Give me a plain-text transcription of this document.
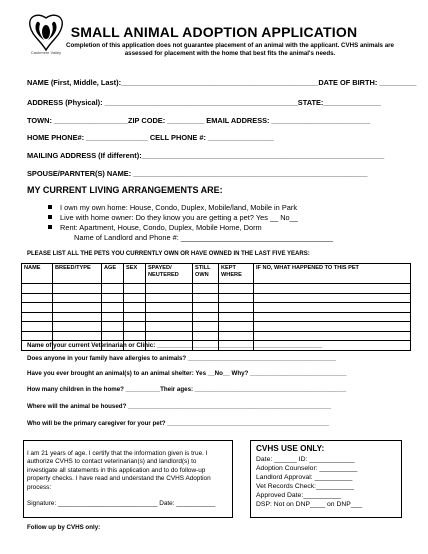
Cashmere Valley
SMALL ANIMAL ADOPTION APPLICATION
Completion of this application does not guarantee placement of an animal with the applicant. CVHS animals are assessed for placement with the home that best fits the animal's needs.
NAME (First, Middle, Last):________________________________________________DATE OF BIRTH: _________
ADDRESS (Physical): _______________________________________________STATE:______________
TOWN: __________________ZIP CODE: _________ EMAIL ADDRESS: ________________________
HOME PHONE#: _______________ CELL PHONE #: ________________
MAILING ADDRESS (If different):___________________________________________________________
SPOUSE/PARNTER(S) NAME: _________________________________________________________
MY CURRENT LIVING ARRANGEMENTS ARE:
I own my own home: House, Condo, Duplex, Mobile/land, Mobile in Park
Live with home owner: Do they know you are getting a pet? Yes __ No__
Rent: Apartment, House, Condo, Duplex, Mobile Home, Dorm
Name of Landlord and Phone #: _____________________________________
PLEASE LIST ALL THE PETS YOU CURRENTLY OWN OR HAVE OWNED IN THE LAST FIVE YEARS:
NAME	BREED/TYPE	AGE	SEX	SPAYED/ NEUTERED	STILL OWN	KEPT WHERE	IF NO, WHAT HAPPENED TO THIS PET

Name of your current Veterinarian or Clinic: ________________________________________________
Does anyone in your family have allergies to animals? ___________________________________________
Have you ever brought an animal(s) to an animal shelter: Yes __No__ Why? ____________________________
How many children in the home? __________Their ages: ____________________________________________
Where will the animal be housed? ___________________________________________________________
Who will be the primary caregiver for your pet? _______________________________________________
I am 21 years of age. I certify that the information given is true. I authorize CVHS to contact veterinarian(s) and landlord(s) to investigate all statements in this application and to do follow-up property checks. I have read and understand the CVHS Adoption process:
Signature: ____________________________ Date: ___________
CVHS USE ONLY:
Date: ______ ID: ____________
Adoption Counselor: __________
Landlord Approval: __________
Vet Records Check:__________
Approved Date:__________
DSP: Not on DNP____ on DNP___
Follow up by CVHS only:
